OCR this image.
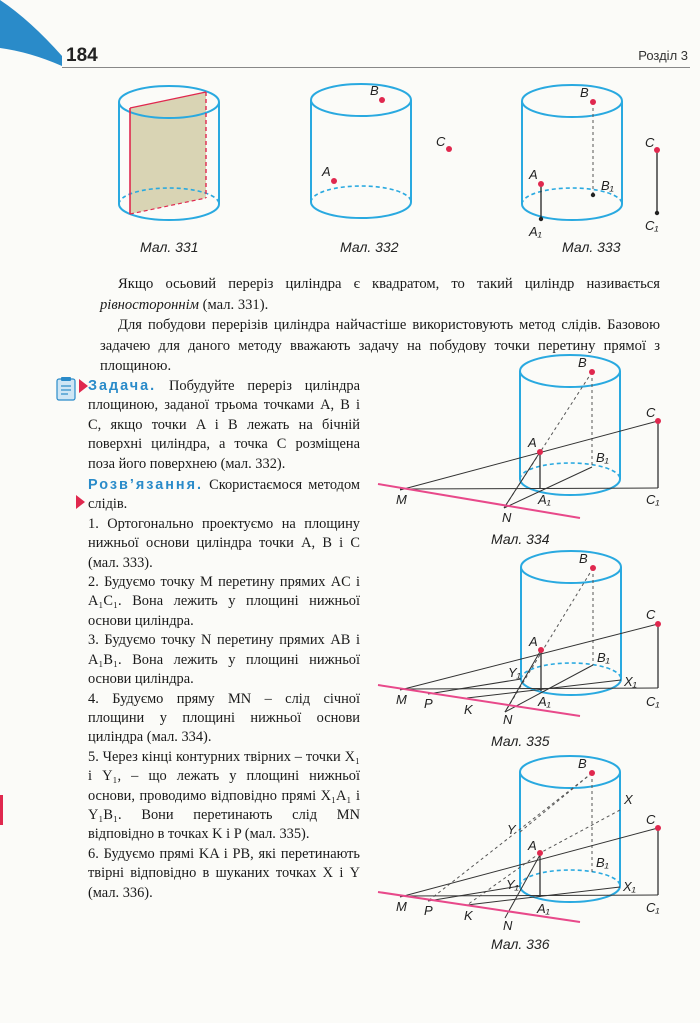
184	Розділ 3
Мал. 331
B
A
C
Мал. 332
B
A
B₁
A₁
C
C₁
Мал. 333
B
A
B₁
A₁
C
C₁
M
N
Мал. 334
B
A
B₁
A₁
C
C₁
M P K
N
X₁
Y₁
Мал. 335
B
A
B₁
A₁
C
C₁
M P K
N
X
X₁
Y
Y₁
Мал. 336

Якщо осьовий переріз циліндра є квадратом, то такий циліндр називається рівностороннім (мал. 331).

Для побудови перерізів циліндра найчастіше використовують метод слідів. Базовою задачею для даного методу вважають задачу на побудову точки перетину прямої з площиною.

Задача. Побудуйте переріз циліндра площиною, заданої трьома точками A, B і C, якщо точки A і B лежать на бічній поверхні циліндра, а точка C розміщена поза його поверхнею (мал. 332).

Розв’язання. Скористаємося методом слідів.

1. Ортогонально проектуємо на площину нижньої основи циліндра точки A, B і C (мал. 333).

2. Будуємо точку M перетину прямих AC і A₁C₁. Вона лежить у площині нижньої основи циліндра.

3. Будуємо точку N перетину прямих AB і A₁B₁. Вона лежить у площині нижньої основи циліндра.

4. Будуємо пряму MN – слід січної площини у площині нижньої основи циліндра (мал. 334).

5. Через кінці контурних твірних – точки X₁ і Y₁, – що лежать у площині нижньої основи, проводимо відповідно прямі X₁A₁ і Y₁B₁. Вони перетинають слід MN відповідно в точках K і P (мал. 335).

6. Будуємо прямі KA і PB, які перетинають твірні відповідно в шуканих точках X і Y (мал. 336).
